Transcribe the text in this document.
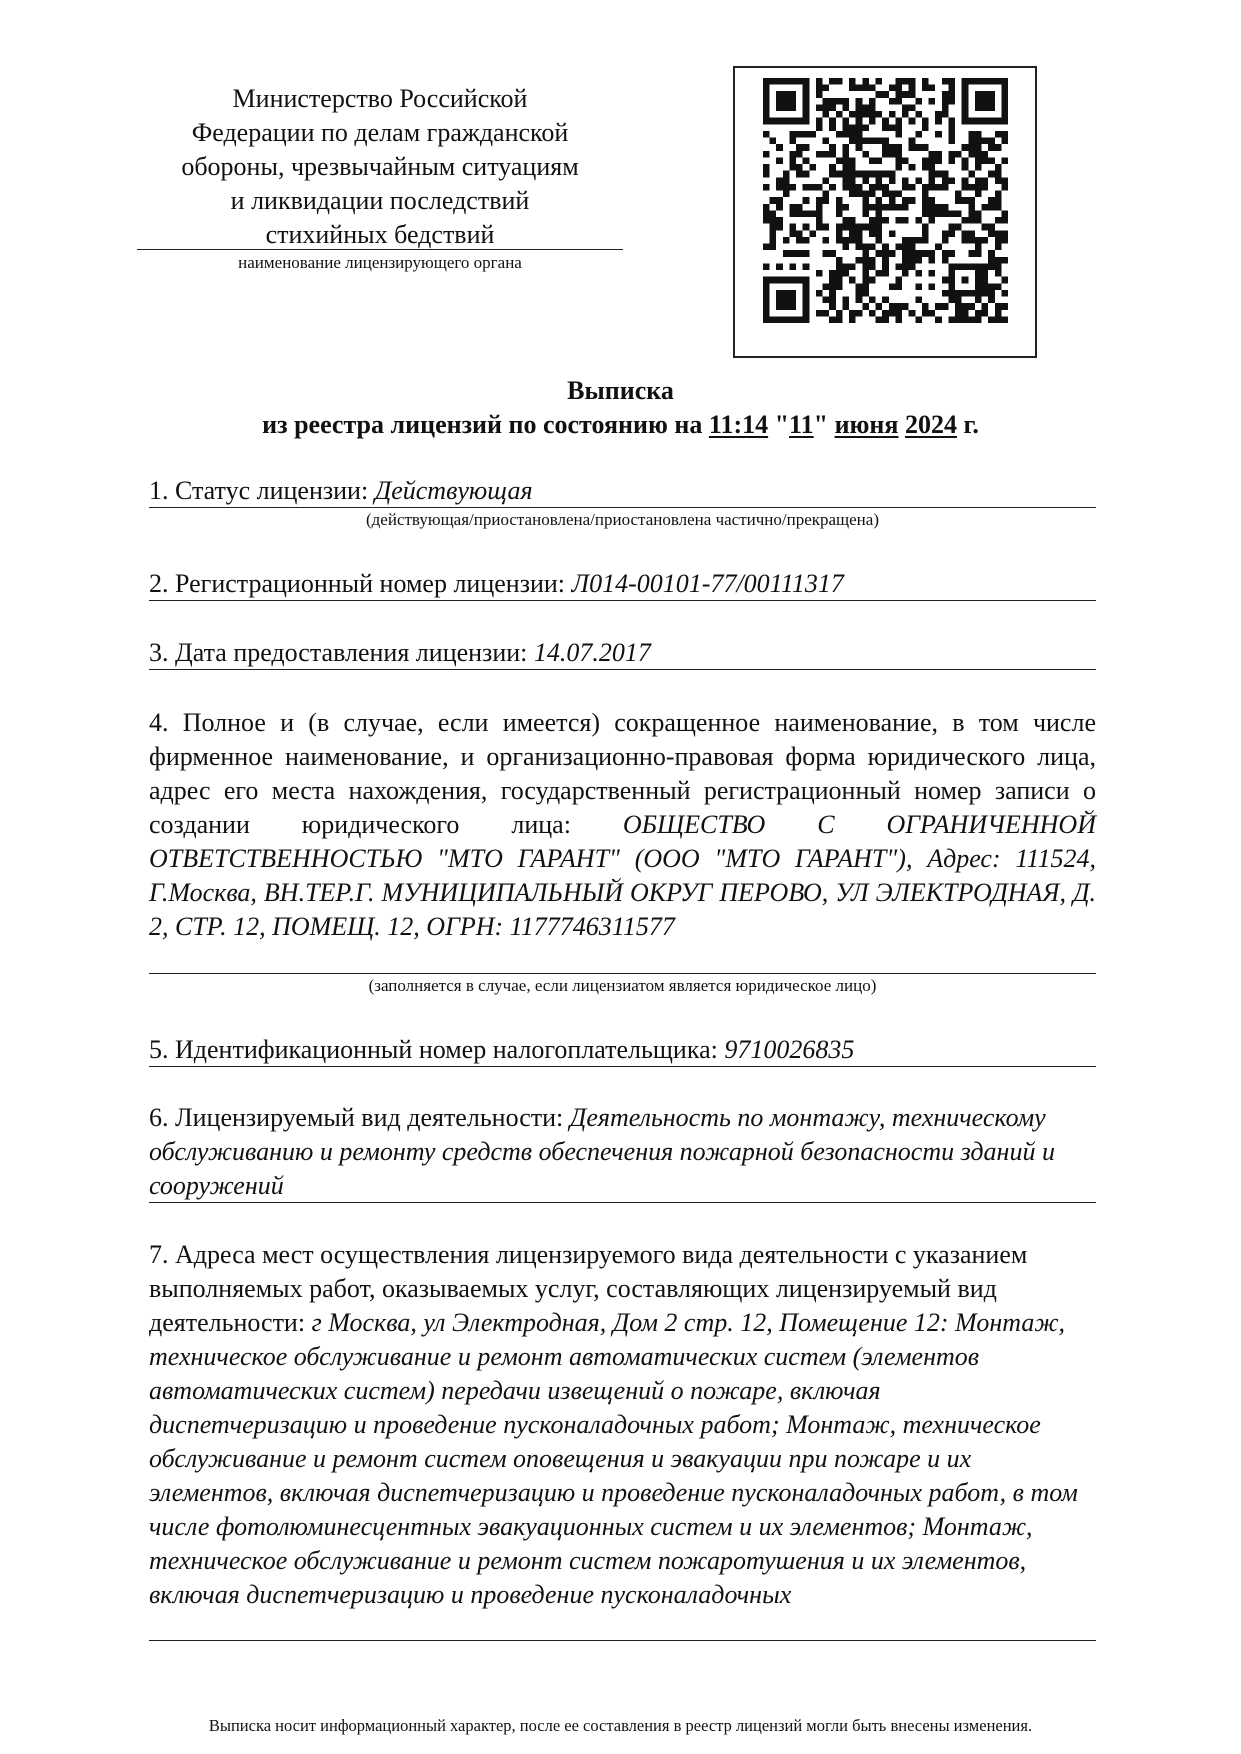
Министерство Российской
Федерации по делам гражданской
обороны, чрезвычайным ситуациям
и ликвидации последствий
стихийных бедствий
наименование лицензирующего органа
Выписка
из реестра лицензий по состоянию на 11:14 "11" июня 2024 г.
1. Статус лицензии: Действующая
(действующая/приостановлена/приостановлена частично/прекращена)
2. Регистрационный номер лицензии: Л014-00101-77/00111317
3. Дата предоставления лицензии: 14.07.2017
4. Полное и (в случае, если имеется) сокращенное наименование, в том числе фирменное наименование, и организационно-правовая форма юридического лица, адрес его места нахождения, государственный регистрационный номер записи о создании юридического лица: ОБЩЕСТВО С ОГРАНИЧЕННОЙ ОТВЕТСТВЕННОСТЬЮ "МТО ГАРАНТ" (ООО "МТО ГАРАНТ"), Адрес: 111524, Г.Москва, ВН.ТЕР.Г. МУНИЦИПАЛЬНЫЙ ОКРУГ ПЕРОВО, УЛ ЭЛЕКТРОДНАЯ, Д. 2, СТР. 12, ПОМЕЩ. 12, ОГРН: 1177746311577
(заполняется в случае, если лицензиатом является юридическое лицо)
5. Идентификационный номер налогоплательщика: 9710026835
6. Лицензируемый вид деятельности: Деятельность по монтажу, техническому обслуживанию и ремонту средств обеспечения пожарной безопасности зданий и сооружений
7. Адреса мест осуществления лицензируемого вида деятельности с указанием выполняемых работ, оказываемых услуг, составляющих лицензируемый вид деятельности: г Москва, ул Электродная, Дом 2 стр. 12, Помещение 12: Монтаж, техническое обслуживание и ремонт автоматических систем (элементов автоматических систем) передачи извещений о пожаре, включая диспетчеризацию и проведение пусконаладочных работ; Монтаж, техническое обслуживание и ремонт систем оповещения и эвакуации при пожаре и их элементов, включая диспетчеризацию и проведение пусконаладочных работ, в том числе фотолюминесцентных эвакуационных систем и их элементов; Монтаж, техническое обслуживание и ремонт систем пожаротушения и их элементов, включая диспетчеризацию и проведение пусконаладочных
Выписка носит информационный характер, после ее составления в реестр лицензий могли быть внесены изменения.
